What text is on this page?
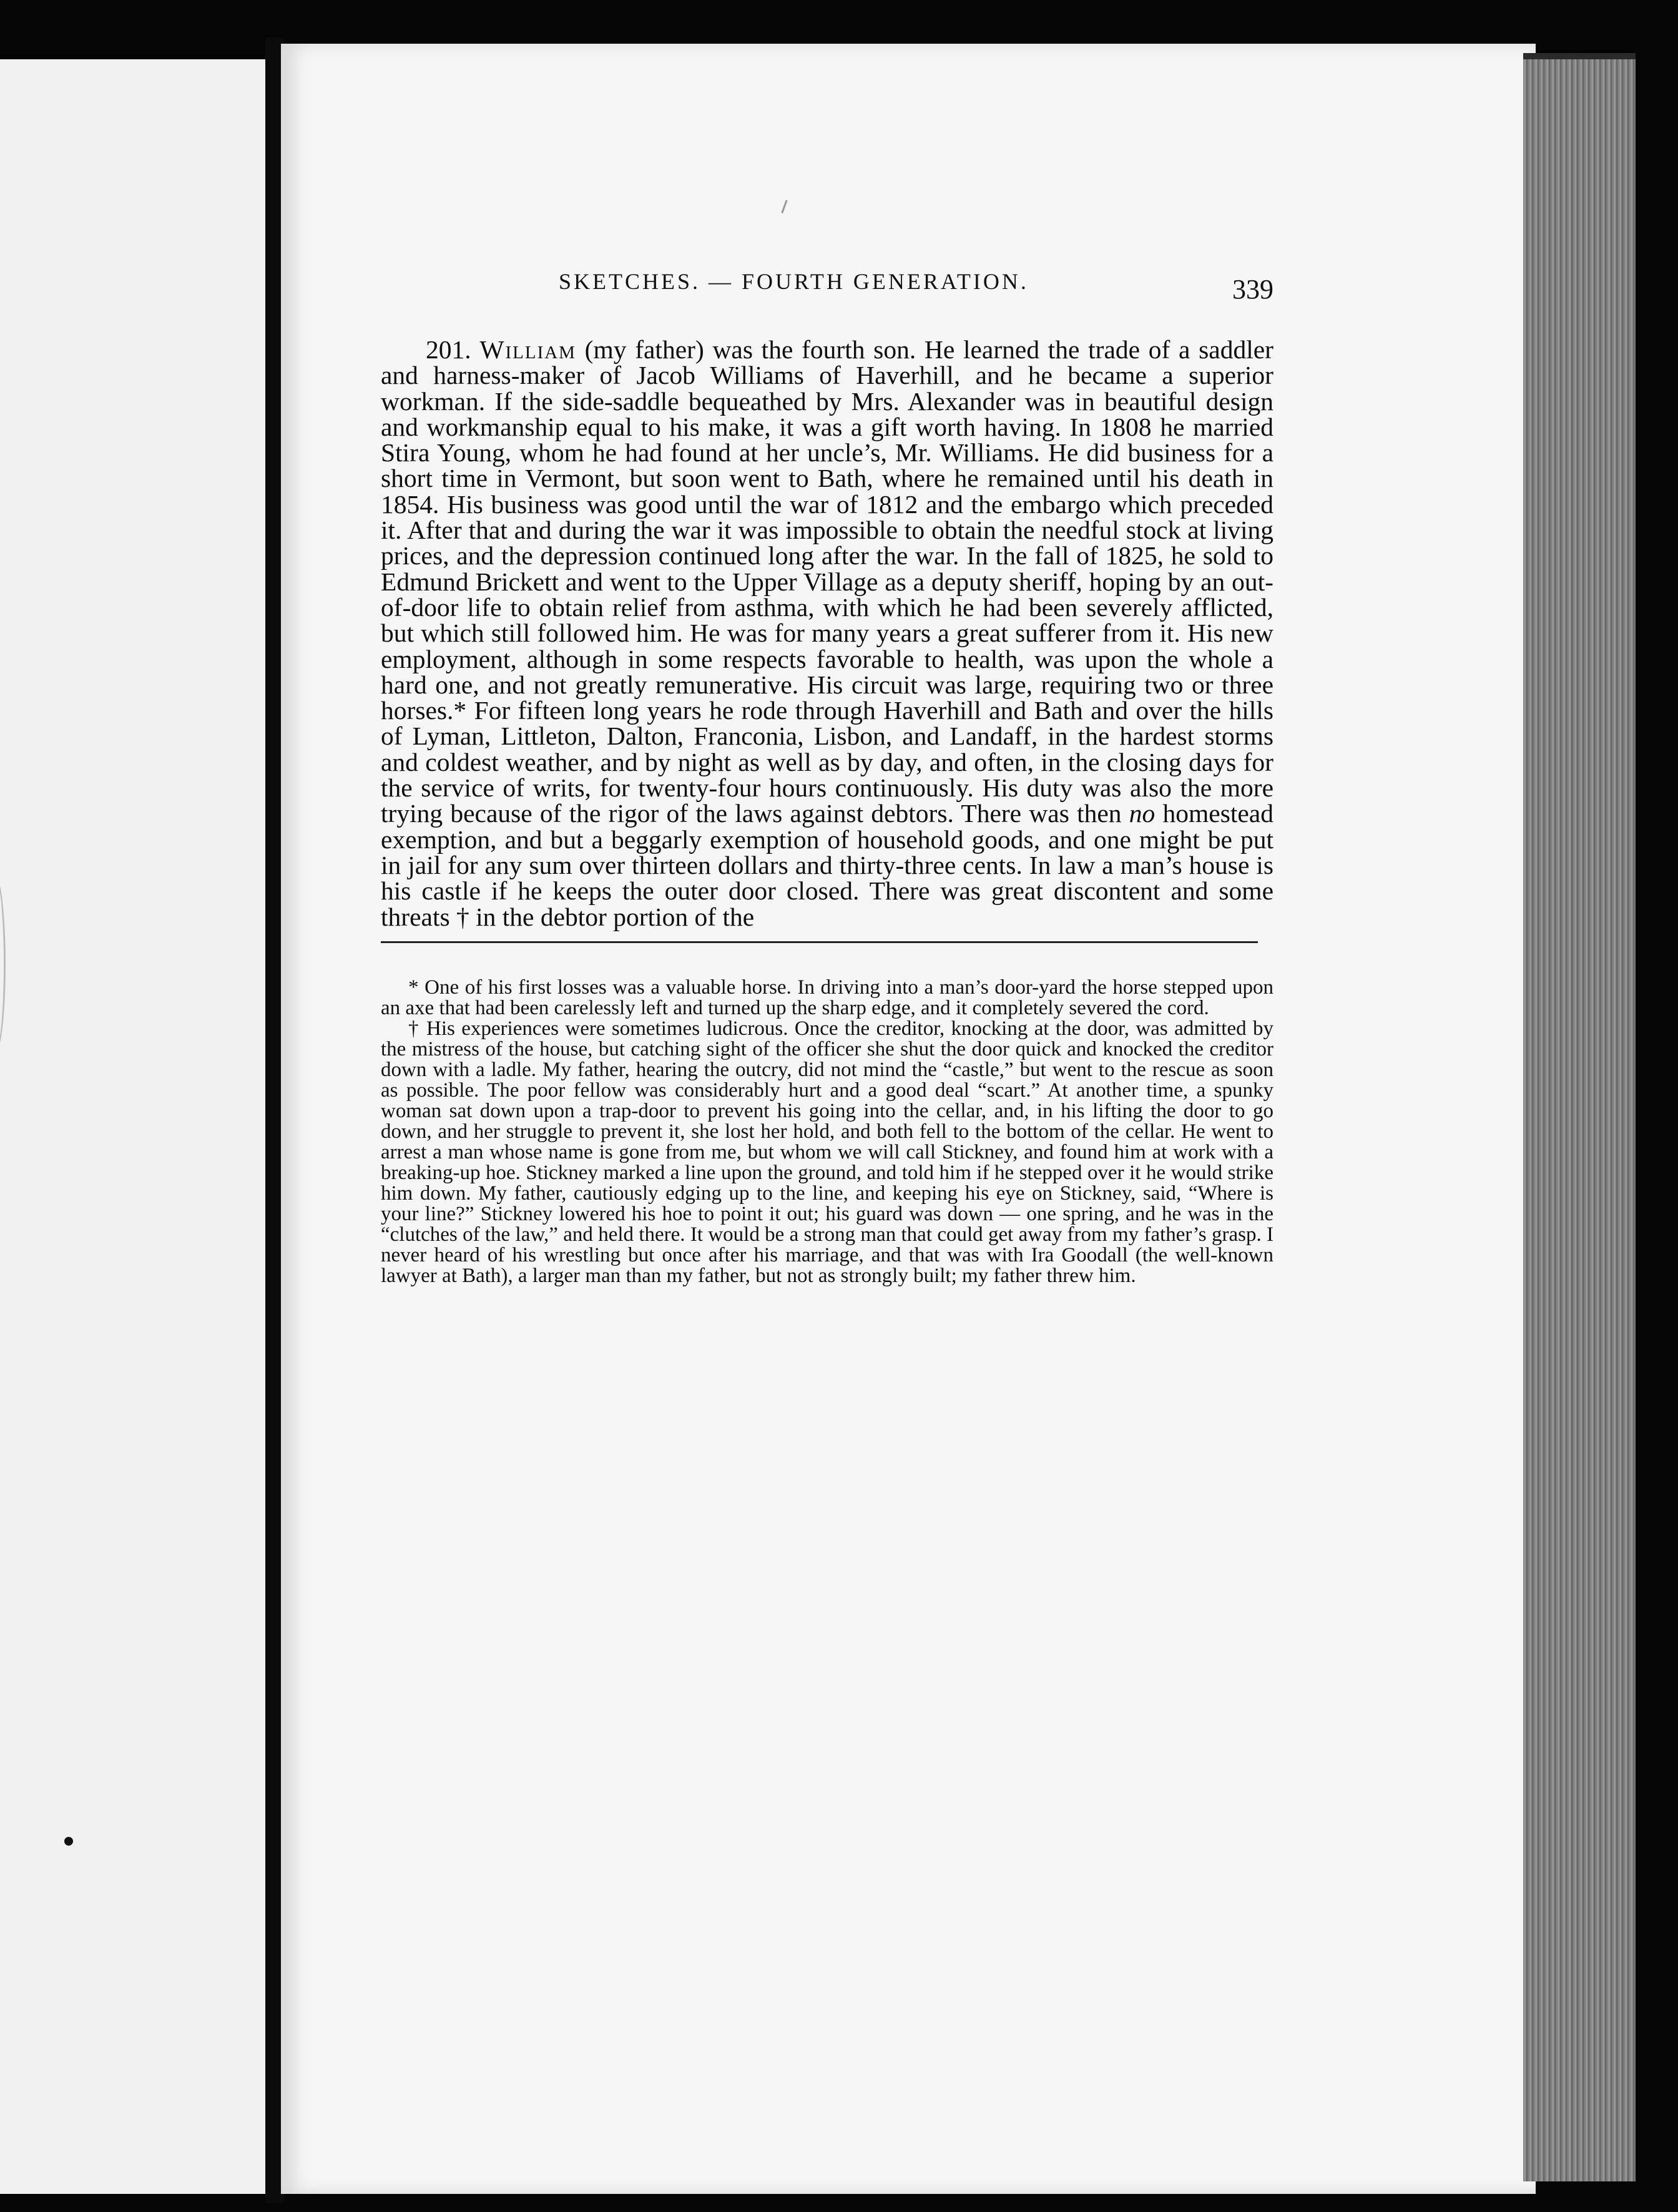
SKETCHES. — FOURTH GENERATION.	339

201. William (my father) was the fourth son. He learned the trade of a saddler and harness-maker of Jacob Williams of Haverhill, and he became a superior workman. If the side-saddle bequeathed by Mrs. Alexander was in beautiful design and workmanship equal to his make, it was a gift worth having. In 1808 he married Stira Young, whom he had found at her uncle’s, Mr. Williams. He did business for a short time in Vermont, but soon went to Bath, where he remained until his death in 1854. His business was good until the war of 1812 and the embargo which preceded it. After that and during the war it was impossible to obtain the needful stock at living prices, and the depression continued long after the war. In the fall of 1825, he sold to Edmund Brickett and went to the Upper Village as a deputy sheriff, hoping by an out-of-door life to obtain relief from asthma, with which he had been severely afflicted, but which still followed him. He was for many years a great sufferer from it. His new employment, although in some respects favorable to health, was upon the whole a hard one, and not greatly remunerative. His circuit was large, requiring two or three horses.* For fifteen long years he rode through Haverhill and Bath and over the hills of Lyman, Littleton, Dalton, Franconia, Lisbon, and Landaff, in the hardest storms and coldest weather, and by night as well as by day, and often, in the closing days for the service of writs, for twenty-four hours continuously. His duty was also the more trying because of the rigor of the laws against debtors. There was then no homestead exemption, and but a beggarly exemption of household goods, and one might be put in jail for any sum over thirteen dollars and thirty-three cents. In law a man’s house is his castle if he keeps the outer door closed. There was great discontent and some threats † in the debtor portion of the

* One of his first losses was a valuable horse. In driving into a man’s door-yard the horse stepped upon an axe that had been carelessly left and turned up the sharp edge, and it completely severed the cord.

† His experiences were sometimes ludicrous. Once the creditor, knocking at the door, was admitted by the mistress of the house, but catching sight of the officer she shut the door quick and knocked the creditor down with a ladle. My father, hearing the outcry, did not mind the “castle,” but went to the rescue as soon as possible. The poor fellow was considerably hurt and a good deal “scart.” At another time, a spunky woman sat down upon a trap-door to prevent his going into the cellar, and, in his lifting the door to go down, and her struggle to prevent it, she lost her hold, and both fell to the bottom of the cellar. He went to arrest a man whose name is gone from me, but whom we will call Stickney, and found him at work with a breaking-up hoe. Stickney marked a line upon the ground, and told him if he stepped over it he would strike him down. My father, cautiously edging up to the line, and keeping his eye on Stickney, said, “Where is your line?” Stickney lowered his hoe to point it out; his guard was down — one spring, and he was in the “clutches of the law,” and held there. It would be a strong man that could get away from my father’s grasp. I never heard of his wrestling but once after his marriage, and that was with Ira Goodall (the well-known lawyer at Bath), a larger man than my father, but not as strongly built; my father threw him.
